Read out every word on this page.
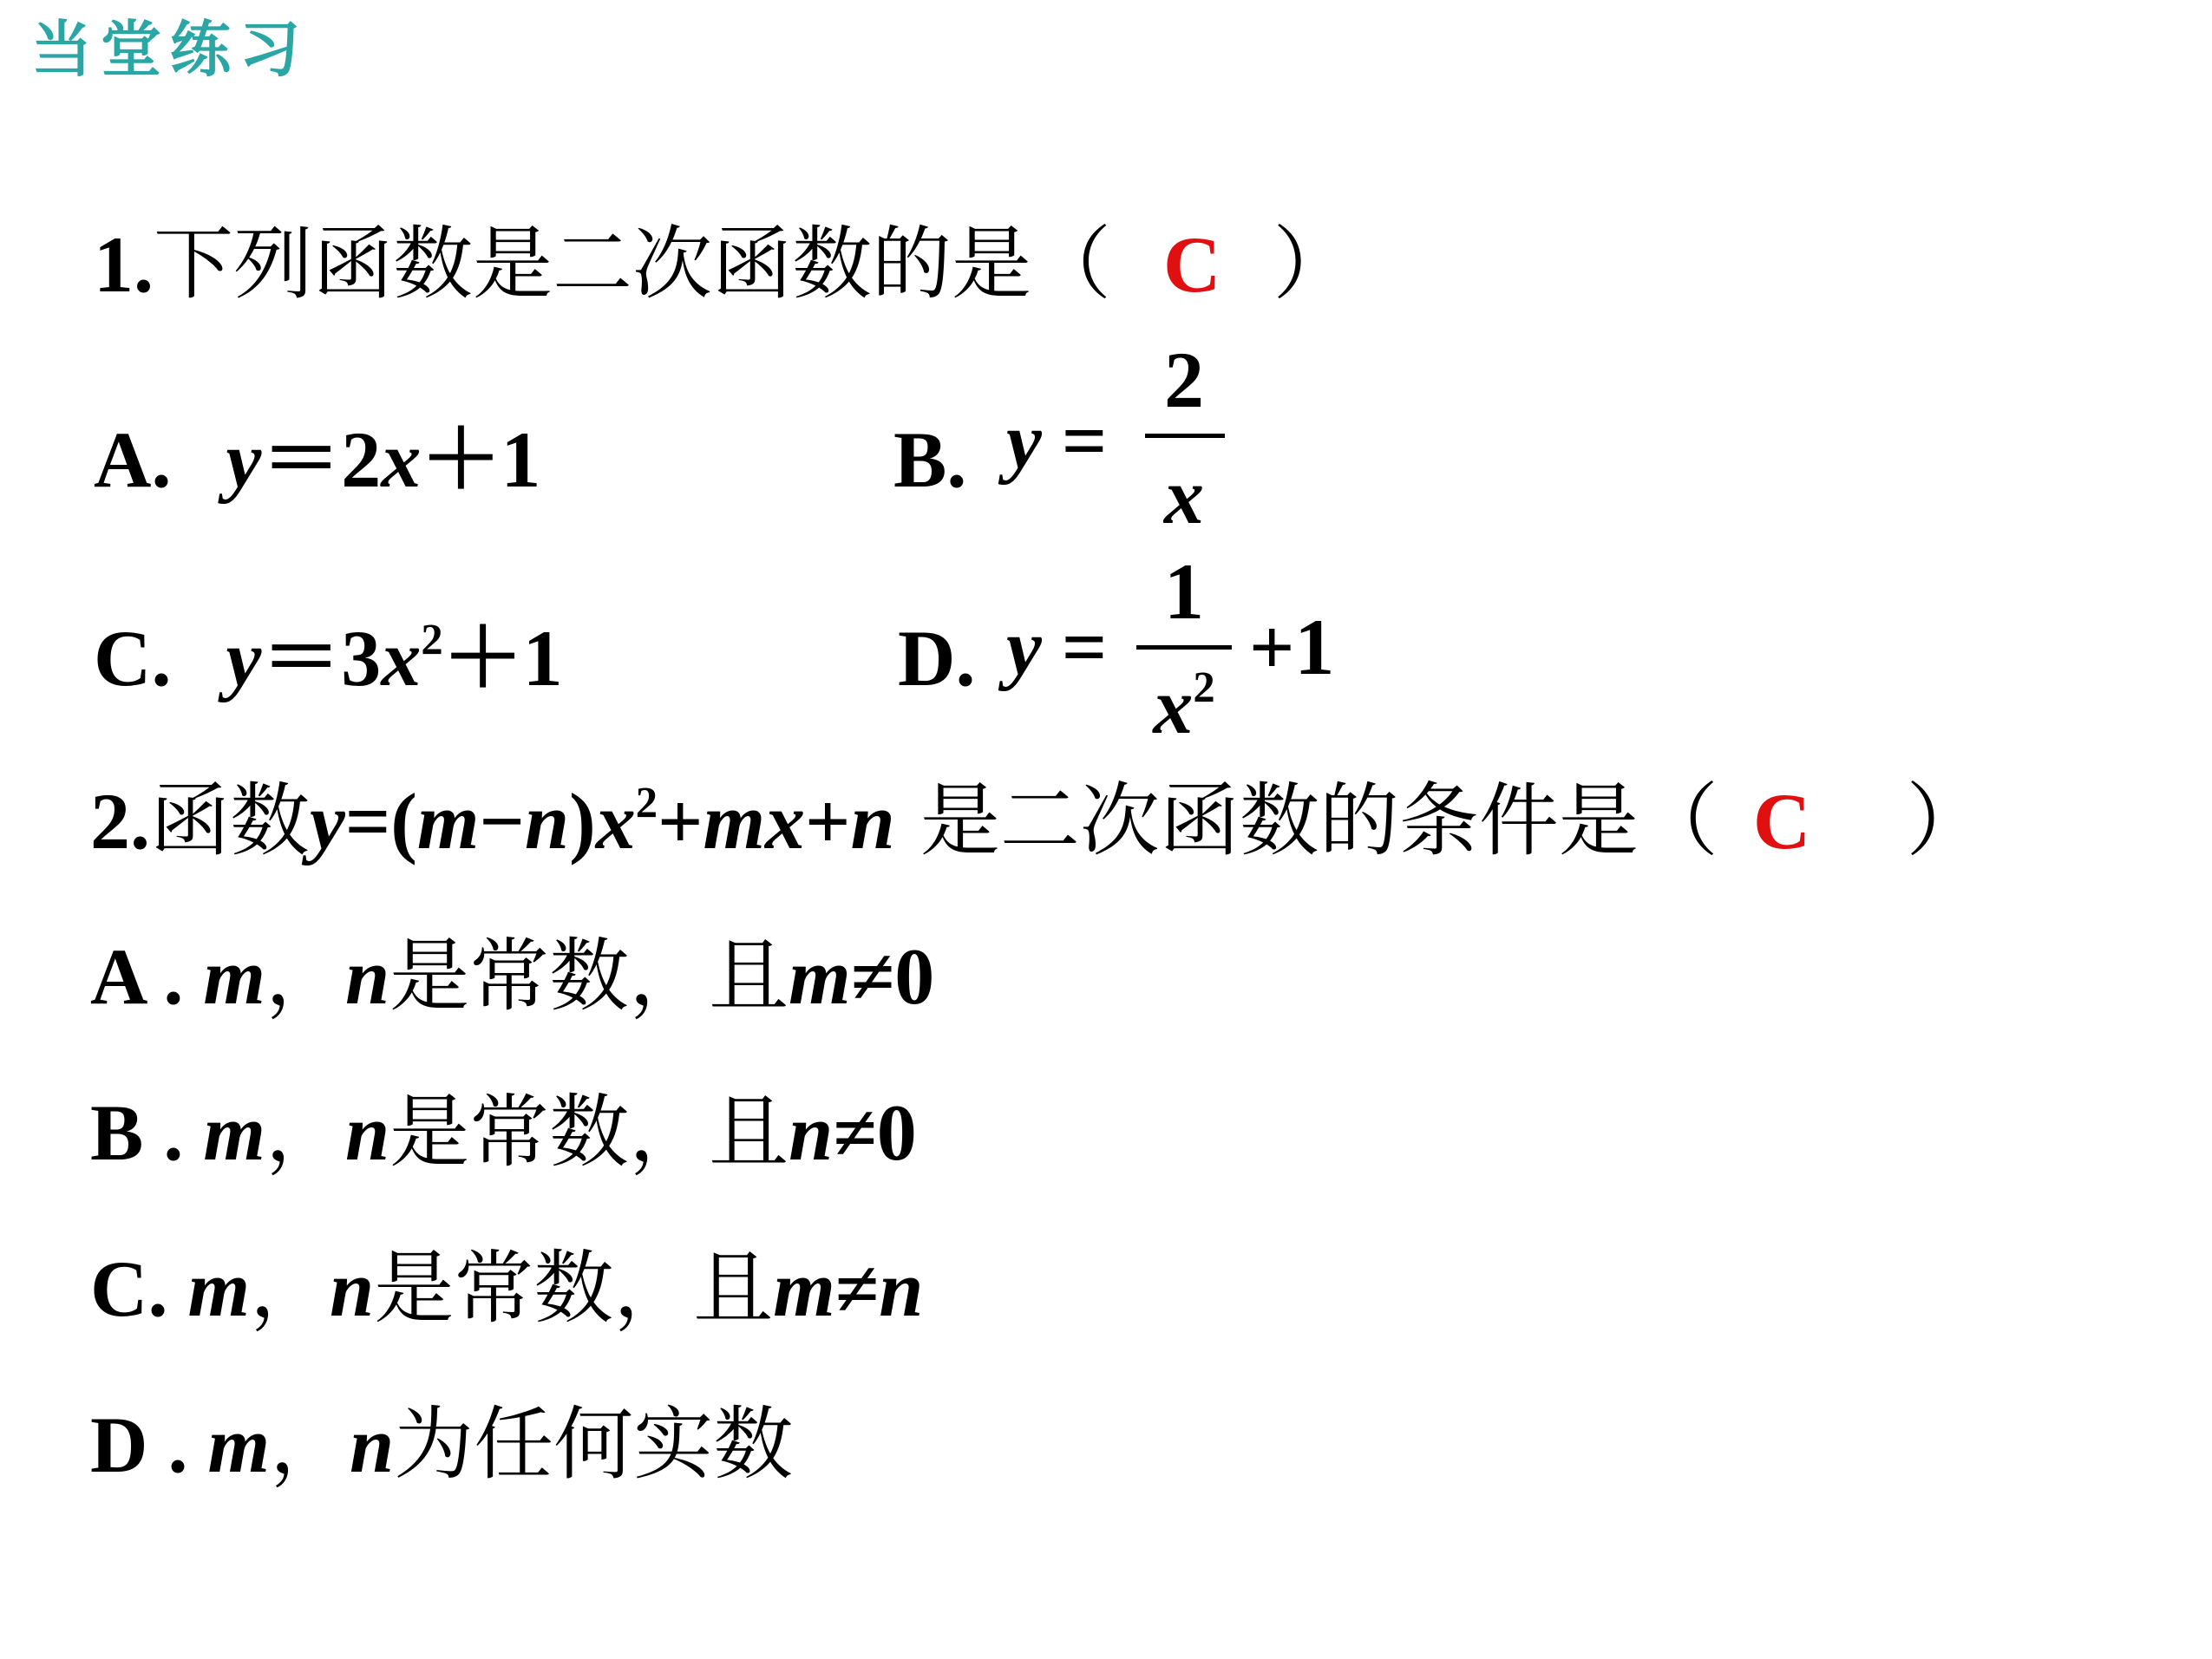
当堂练习
1.下列函数是二次函数的是（ C ）
A. y＝2x＋1	B. y =
2
x
C. $y=3x^2+1$	D. y =
1
$x^2 +1$
2.函数$y=(m-n)x^2+mx+n$ 是二次函数的条件是（ C ）
A . m，n是常数，且m≠0
B . m，n是常数，且n≠0
C. m，n是常数，且m≠n
D . m，n为任何实数
